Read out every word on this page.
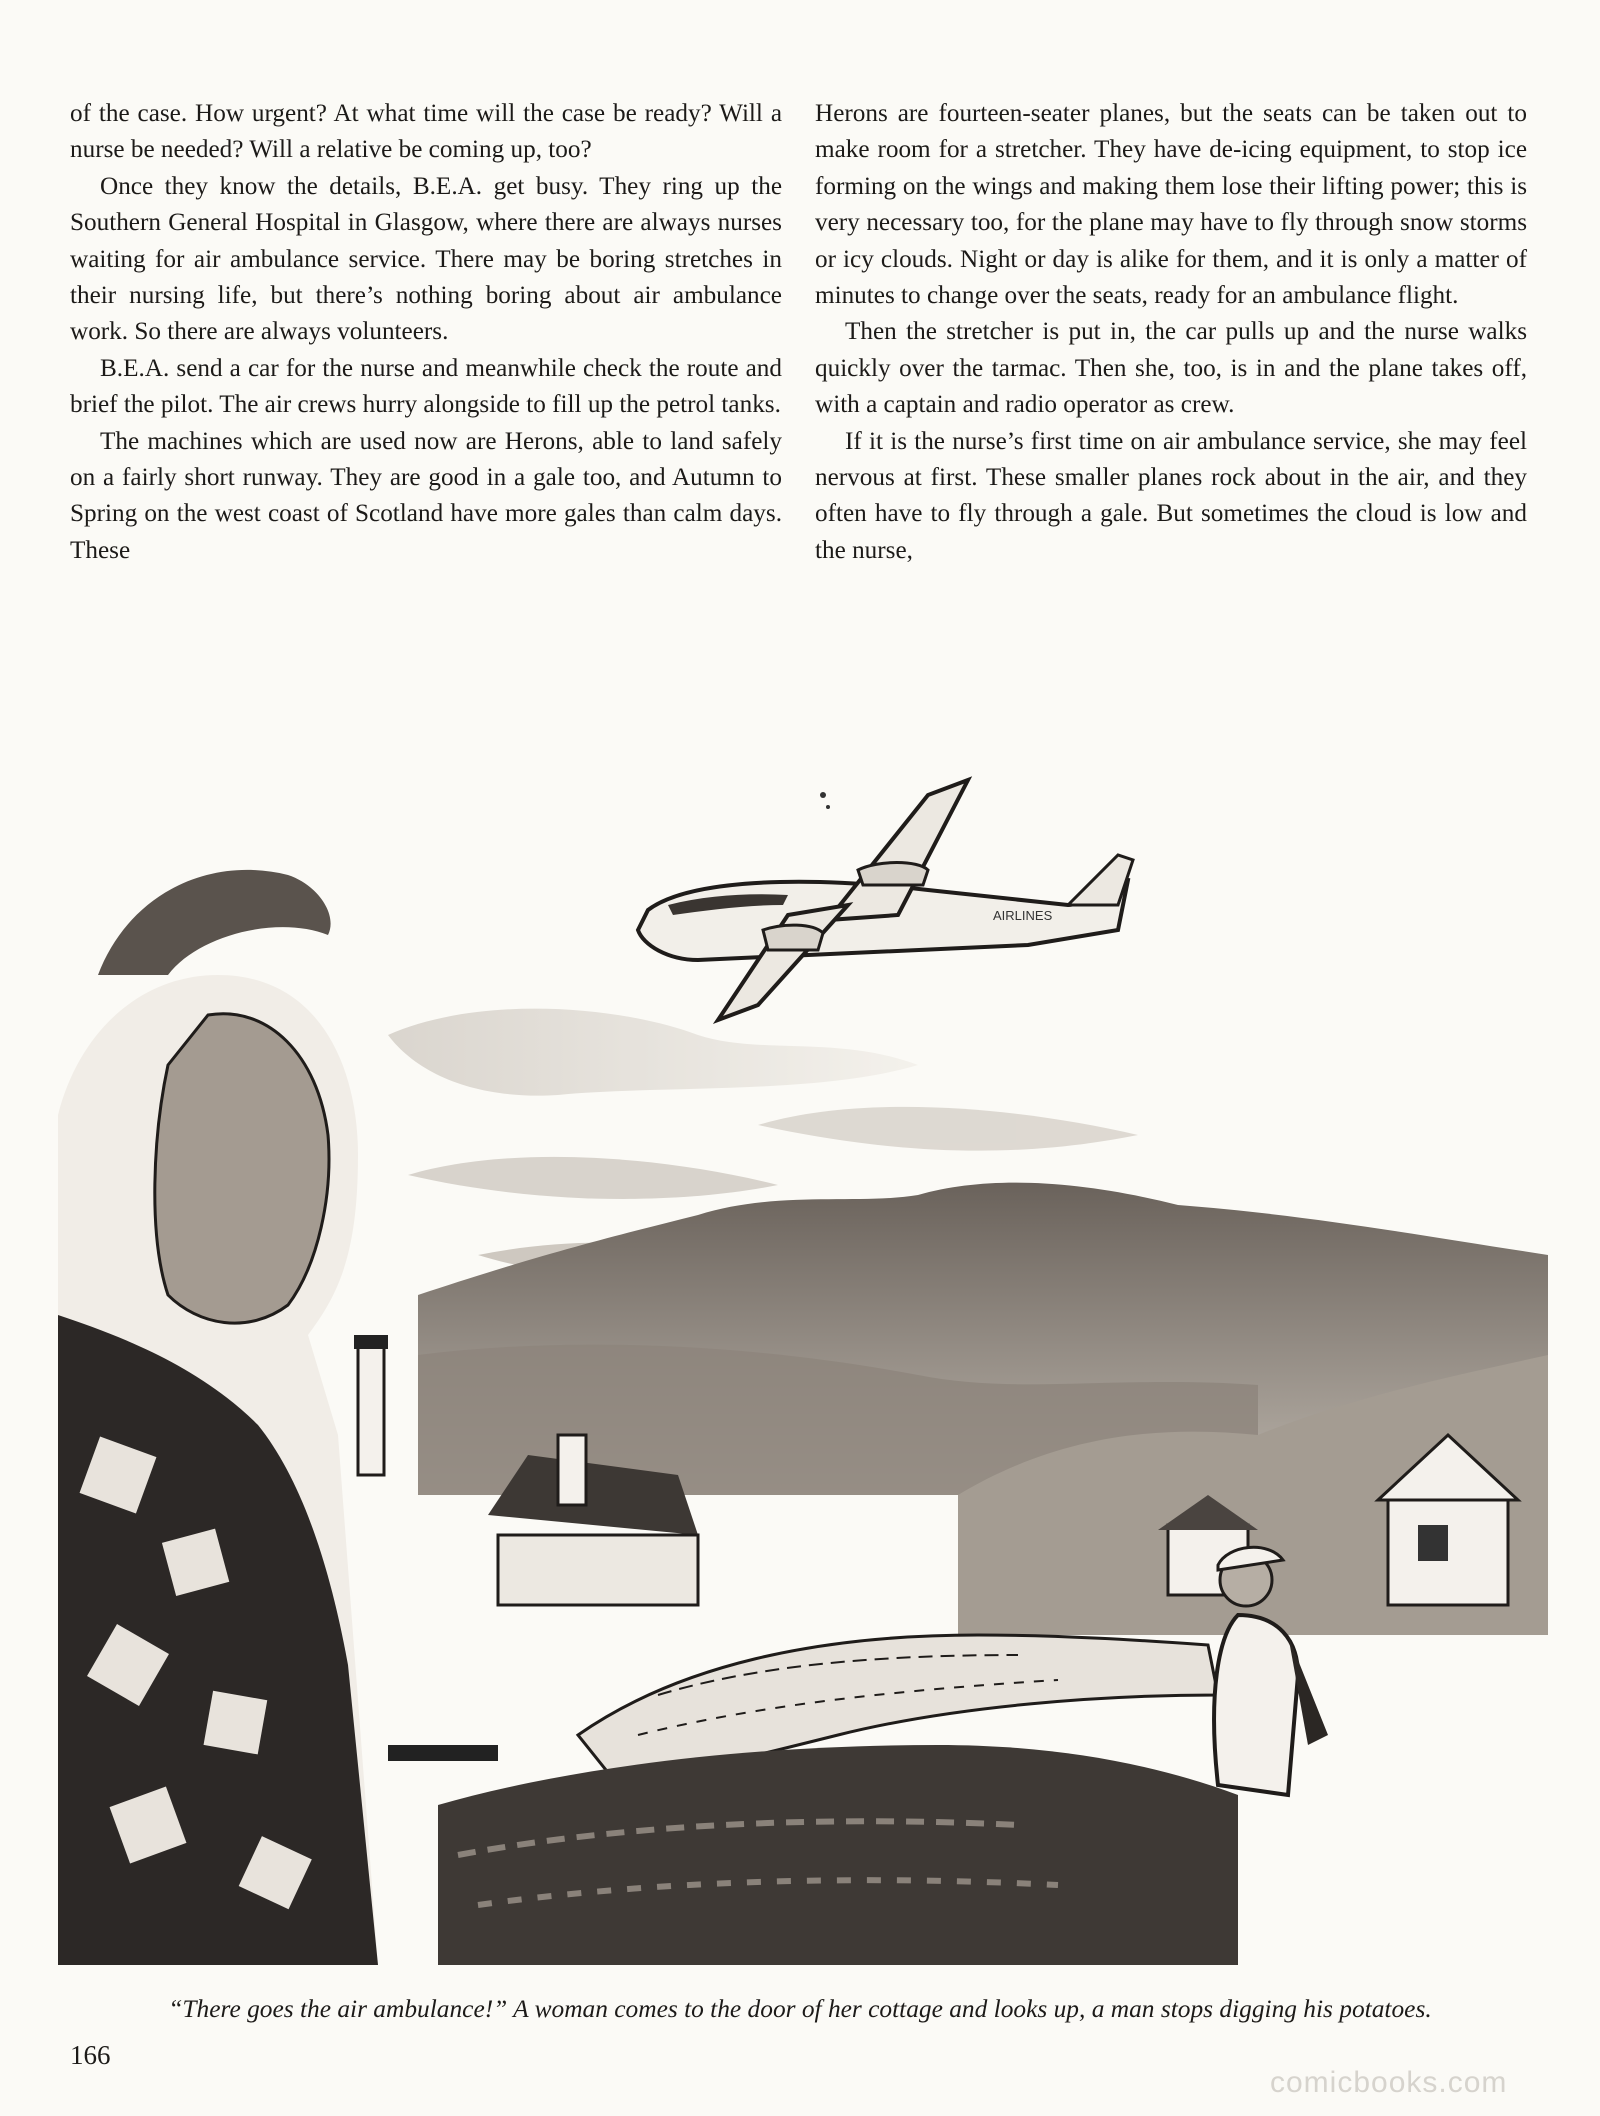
of the case. How urgent? At what time will the case be ready? Will a nurse be needed? Will a relative be coming up, too?

Once they know the details, B.E.A. get busy. They ring up the Southern General Hospital in Glasgow, where there are always nurses waiting for air ambulance service. There may be boring stretches in their nursing life, but there’s nothing boring about air ambulance work. So there are always volunteers.

B.E.A. send a car for the nurse and meanwhile check the route and brief the pilot. The air crews hurry alongside to fill up the petrol tanks.

The machines which are used now are Herons, able to land safely on a fairly short runway. They are good in a gale too, and Autumn to Spring on the west coast of Scotland have more gales than calm days. These

Herons are fourteen-seater planes, but the seats can be taken out to make room for a stretcher. They have de-icing equipment, to stop ice forming on the wings and making them lose their lifting power; this is very necessary too, for the plane may have to fly through snow storms or icy clouds. Night or day is alike for them, and it is only a matter of minutes to change over the seats, ready for an ambulance flight.

Then the stretcher is put in, the car pulls up and the nurse walks quickly over the tarmac. Then she, too, is in and the plane takes off, with a captain and radio operator as crew.

If it is the nurse’s first time on air ambulance service, she may feel nervous at first. These smaller planes rock about in the air, and they often have to fly through a gale. But sometimes the cloud is low and the nurse,

AIRLINES
“There goes the air ambulance!” A woman comes to the door of her cottage and looks up, a man stops digging his potatoes.
166
comicbooks.com
